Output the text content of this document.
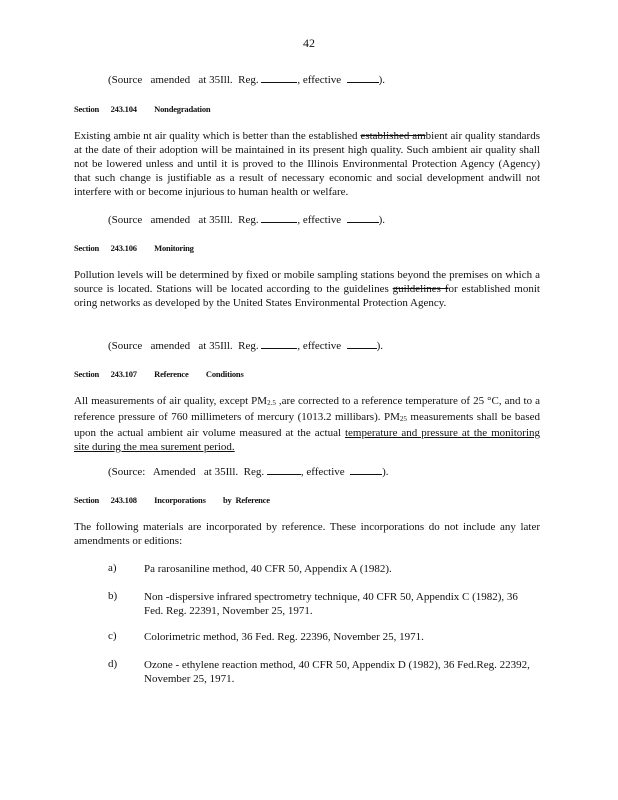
42
(Source   amended   at 35Ill.  Reg.	, effective	).
Section 243.104 Nondegradation
Existing ambie nt air quality which is better than the established established ambient air quality standards at the date of their adoption will be maintained in its present high quality. Such ambient air quality shall not be lowered unless and until it is proved to the Illinois Environmental Protection Agency (Agency) that such change is justifiable as a result of necessary economic and social development andwill not interfere with or become injurious to human health or welfare.
(Source   amended   at 35Ill.  Reg.	, effective	).
Section 243.106 Monitoring
Pollution levels will be determined by fixed or mobile sampling stations beyond the premises on which a source is located. Stations will be located according to the guidelines guildelines for established monit oring networks as developed by the United States Environmental Protection Agency.
(Source   amended   at 35Ill.  Reg.	, effective	).
Section 243.107 Reference         Conditions
All measurements of air quality, except $PM_{2.5}$ ,are corrected to a reference temperature of 25 °C, and to a reference pressure of 760 millimeters of mercury (1013.2 millibars). $PM_{25}$ measurements shall be based upon the actual ambient air volume measured at the actual temperature and pressure at the monitoring site during the mea surement period.
(Source:   Amended   at 35Ill.  Reg.	, effective	).
Section 243.108 Incorporations by  Reference
The following materials are incorporated by reference. These incorporations do not include any later amendments or editions:
a) Pa rarosaniline method, 40 CFR 50, Appendix A (1982).
b) Non -dispersive infrared spectrometry technique, 40 CFR 50, Appendix C (1982), 36 Fed. Reg. 22391, November 25, 1971.
c) Colorimetric method, 36 Fed. Reg. 22396, November 25, 1971.
d) Ozone - ethylene reaction method, 40 CFR 50, Appendix D (1982), 36 Fed.Reg. 22392, November 25, 1971.
